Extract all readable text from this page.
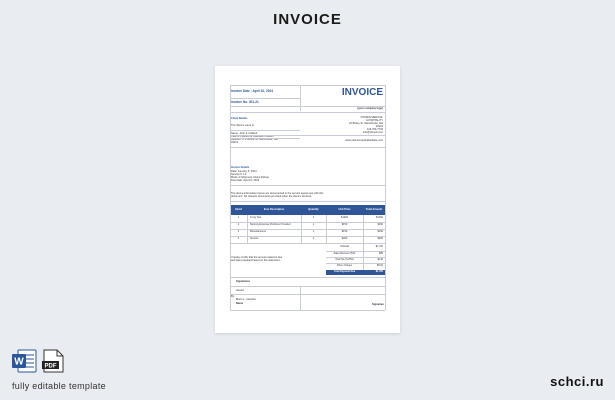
INVOICE
Invoice Date : April 10, 2024	INVOICE
Invoice No. 401-21
(your company logo)
Client Details
The client's name is:
Name: John F. Holland
Client's Position or Business Position
Address: 570 Abbott St, Manchester, NH
03101
VITAMIN MEDICAL
HOSPITALITY
24 Birkey St, Manchester, NH
03101
123-763-7733
info@vitmed.com
www.vitaminmedicalwebsite.com
Invoice Details
Date: January 5, 2024
Service # 1-4
Mode of Shipment: Direct Pickup
Due Date: April 10, 2024
The above information herein are documented in the service agreement with this
document. No relevant documents provided when the client's services.
Item#	Item Description	Quantity	Unit Price	Total Amount
1	X-ray Test	1	$1200	$1200
2	Nursing Expense Positions Provided	1	$150	$150
3	Miscellaneous	1	$150	$150
4	Service	1	$200	$200
Subtotal	$1,700
Sales Discount (5%)	$85
Total Tax (8.25%)	$140
Other charges	$5.00
Total Payment Due	$1,760
I hereby certify that the amount stated is due
and was prepared based on the statement.
Signatories
Issued
By:
Mario L. Carolina
Name	Signature
W	PDF
fully editable template	schci.ru
